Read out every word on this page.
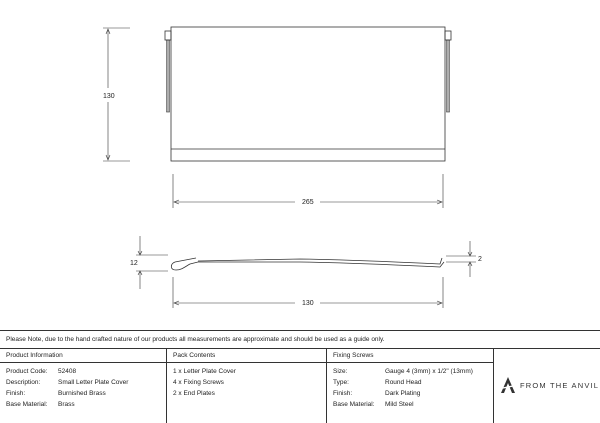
130
265
12
2
130
Please Note, due to the hand crafted nature of our products all measurements are approximate and should be used as a guide only.
Product Information
Product Code:	52408
Description:	Small Letter Plate Cover
Finish:	Burnished Brass
Base Material:	Brass
Pack Contents
1 x Letter Plate Cover
4 x Fixing Screws
2 x End Plates
Fixing Screws
Size:	Gauge 4 (3mm) x 1/2" (13mm)
Type:	Round Head
Finish:	Dark Plating
Base Material:	Mild Steel
FROM THE ANVIL
